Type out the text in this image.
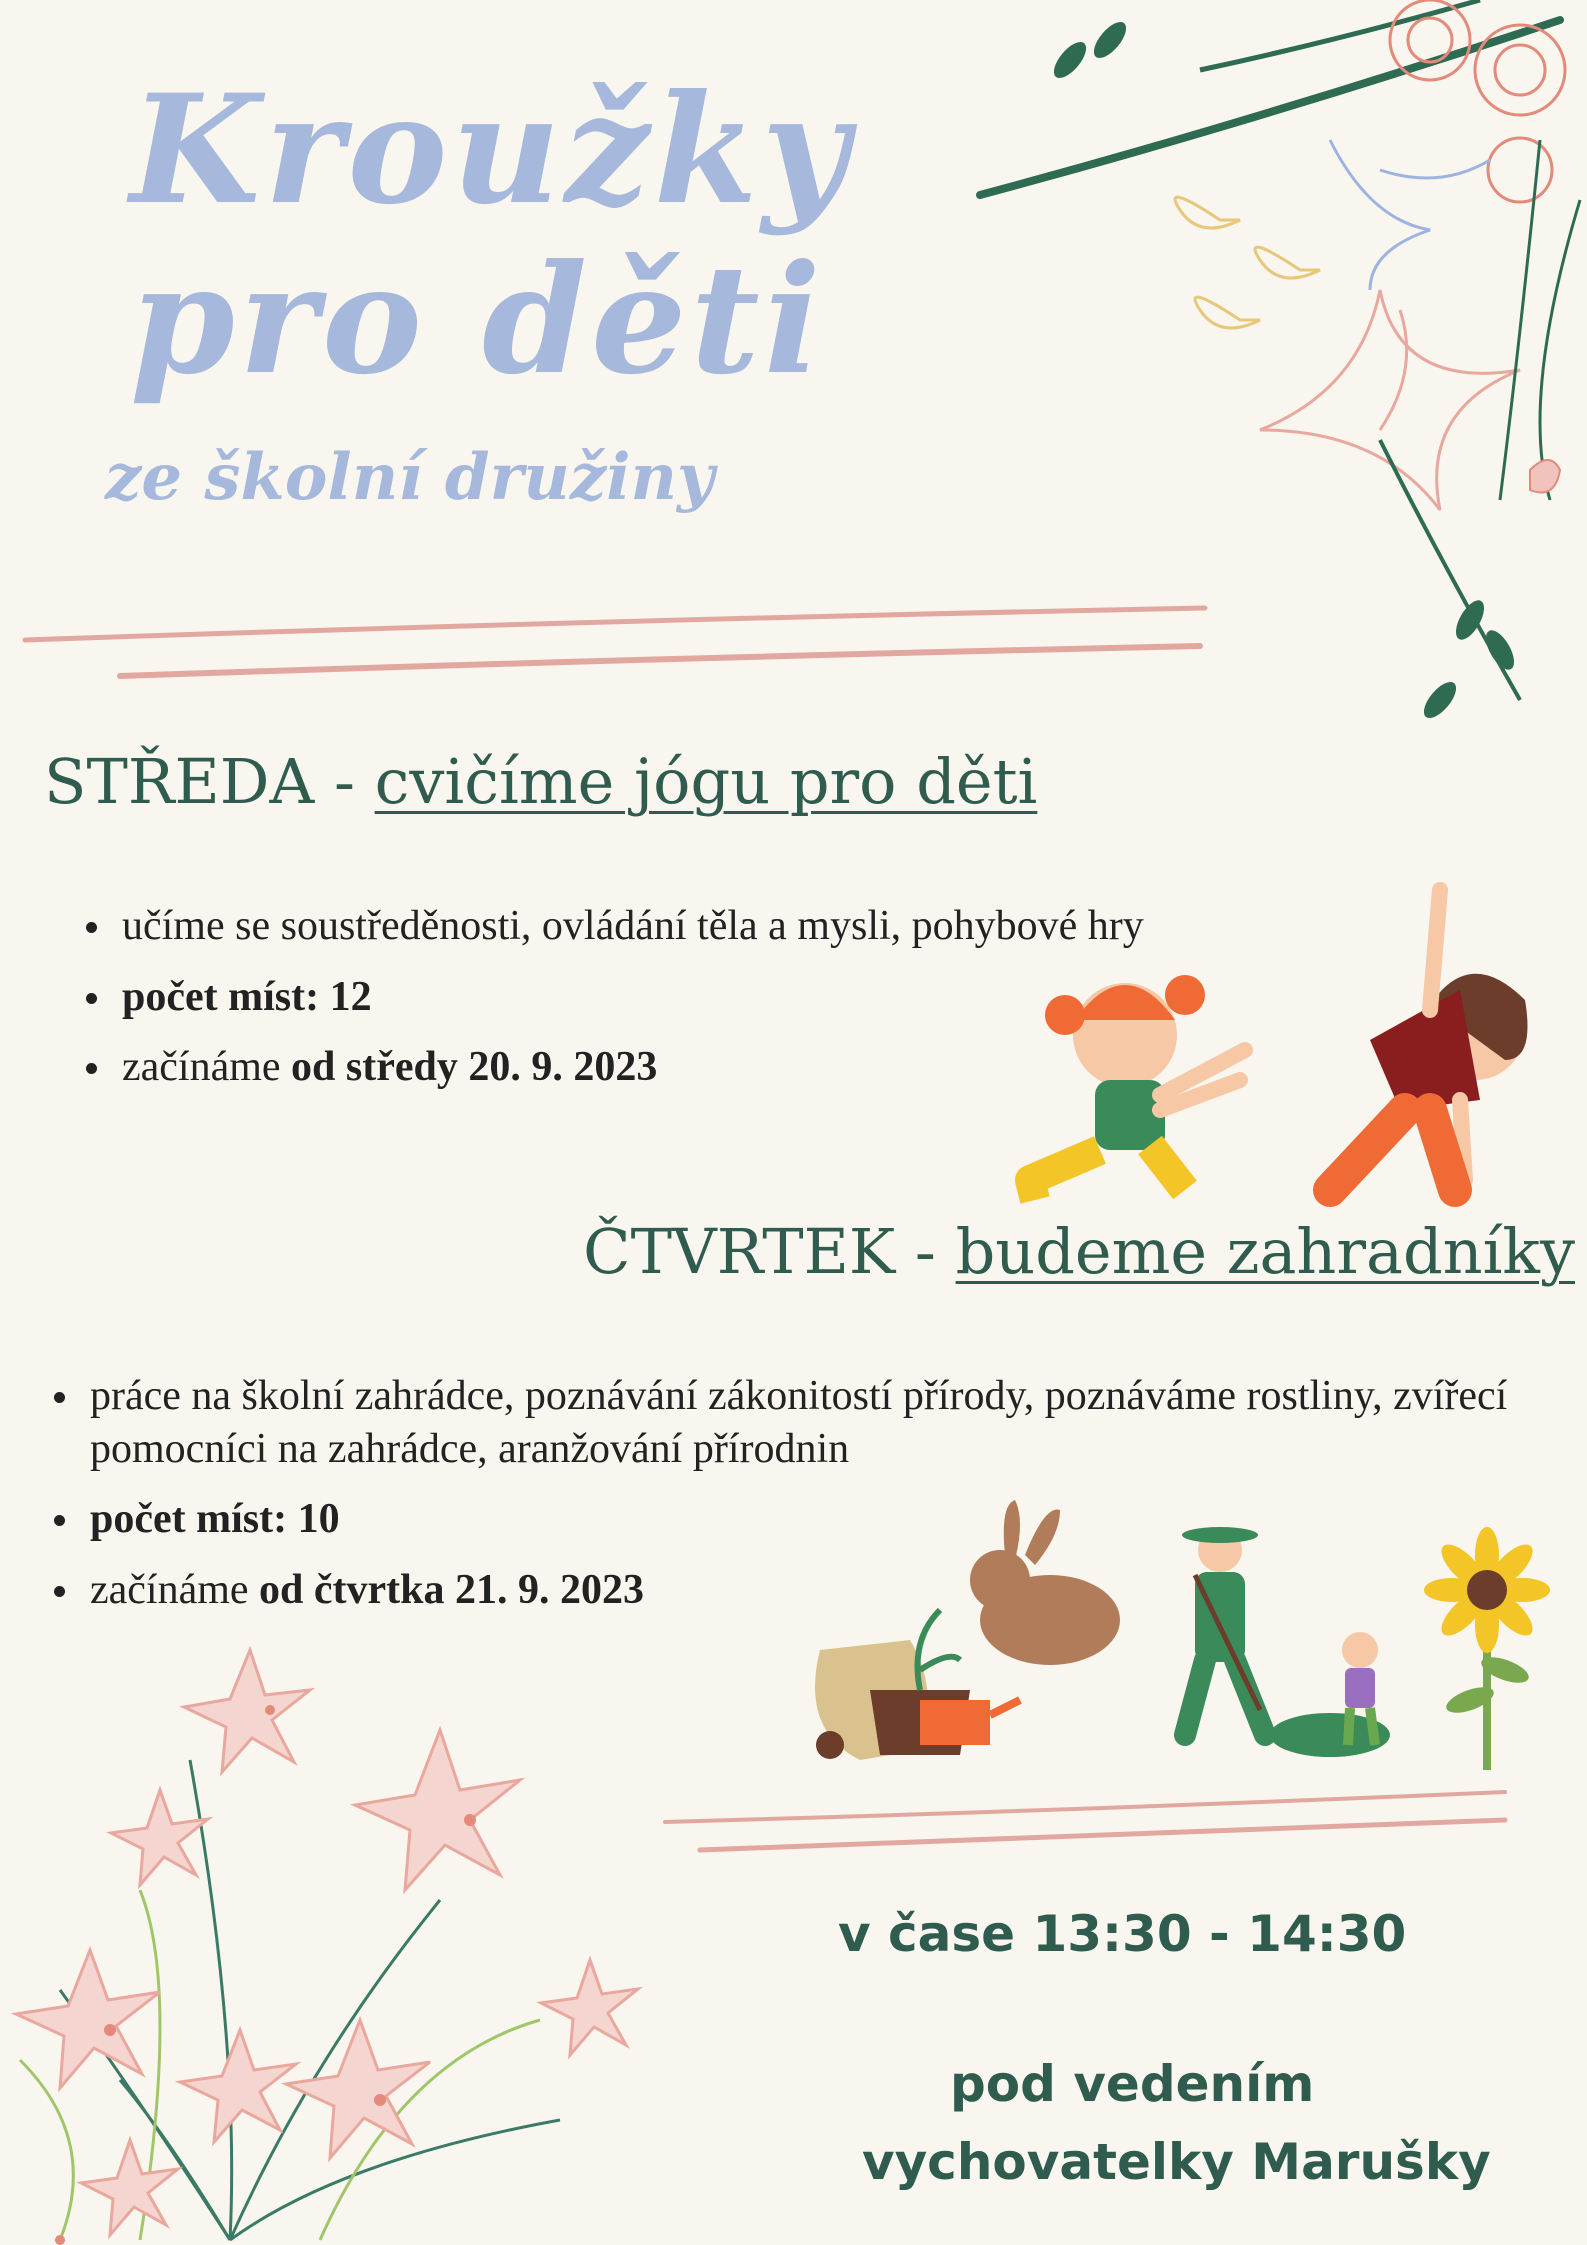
Kroužky
pro děti
ze školní družiny
STŘEDA - cvičíme jógu pro děti
učíme se soustředěnosti, ovládání těla a mysli, pohybové hry
počet míst: 12
začínáme od středy 20. 9. 2023
ČTVRTEK - budeme zahradníky
práce na školní zahrádce, poznávání zákonitostí přírody, poznáváme rostliny, zvířecí pomocníci na zahrádce, aranžování přírodnin
počet míst: 10
začínáme od čtvrtka 21. 9. 2023
v čase 13:30 - 14:30
pod vedením
vychovatelky Marušky
